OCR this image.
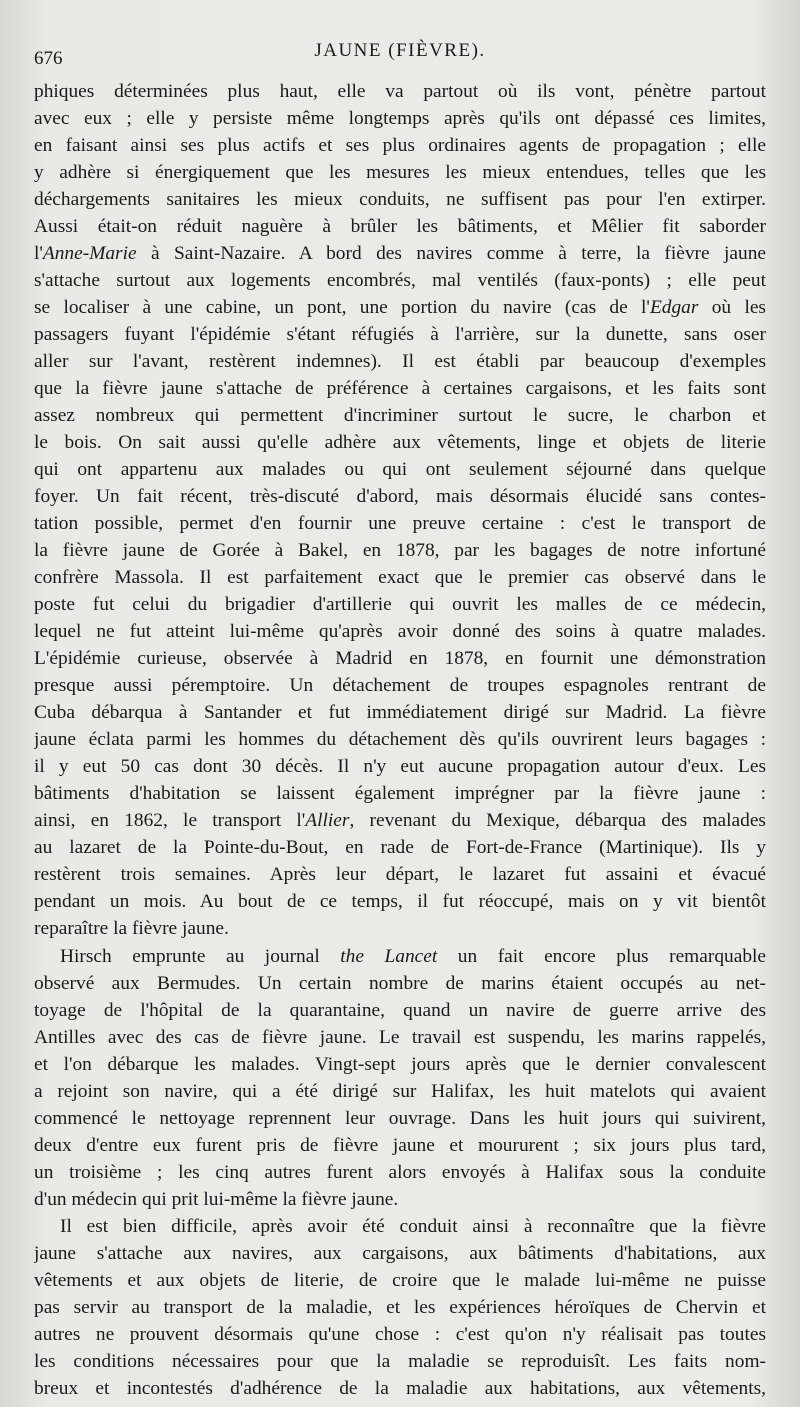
676	JAUNE (FIÈVRE).
phiques déterminées plus haut, elle va partout où ils vont, pénètre partout
avec eux ; elle y persiste même longtemps après qu'ils ont dépassé ces limites,
en faisant ainsi ses plus actifs et ses plus ordinaires agents de propagation ; elle
y adhère si énergiquement que les mesures les mieux entendues, telles que les
déchargements sanitaires les mieux conduits, ne suffisent pas pour l'en extirper.
Aussi était-on réduit naguère à brûler les bâtiments, et Mêlier fit saborder
l'Anne-Marie à Saint-Nazaire. A bord des navires comme à terre, la fièvre jaune
s'attache surtout aux logements encombrés, mal ventilés (faux-ponts) ; elle peut
se localiser à une cabine, un pont, une portion du navire (cas de l'Edgar où les
passagers fuyant l'épidémie s'étant réfugiés à l'arrière, sur la dunette, sans oser
aller sur l'avant, restèrent indemnes). Il est établi par beaucoup d'exemples
que la fièvre jaune s'attache de préférence à certaines cargaisons, et les faits sont
assez nombreux qui permettent d'incriminer surtout le sucre, le charbon et
le bois. On sait aussi qu'elle adhère aux vêtements, linge et objets de literie
qui ont appartenu aux malades ou qui ont seulement séjourné dans quelque
foyer. Un fait récent, très-discuté d'abord, mais désormais élucidé sans contes-
tation possible, permet d'en fournir une preuve certaine : c'est le transport de
la fièvre jaune de Gorée à Bakel, en 1878, par les bagages de notre infortuné
confrère Massola. Il est parfaitement exact que le premier cas observé dans le
poste fut celui du brigadier d'artillerie qui ouvrit les malles de ce médecin,
lequel ne fut atteint lui-même qu'après avoir donné des soins à quatre malades.
L'épidémie curieuse, observée à Madrid en 1878, en fournit une démonstration
presque aussi péremptoire. Un détachement de troupes espagnoles rentrant de
Cuba débarqua à Santander et fut immédiatement dirigé sur Madrid. La fièvre
jaune éclata parmi les hommes du détachement dès qu'ils ouvrirent leurs bagages :
il y eut 50 cas dont 30 décès. Il n'y eut aucune propagation autour d'eux. Les
bâtiments d'habitation se laissent également imprégner par la fièvre jaune :
ainsi, en 1862, le transport l'Allier, revenant du Mexique, débarqua des malades
au lazaret de la Pointe-du-Bout, en rade de Fort-de-France (Martinique). Ils y
restèrent trois semaines. Après leur départ, le lazaret fut assaini et évacué
pendant un mois. Au bout de ce temps, il fut réoccupé, mais on y vit bientôt
reparaître la fièvre jaune.
Hirsch emprunte au journal the Lancet un fait encore plus remarquable
observé aux Bermudes. Un certain nombre de marins étaient occupés au net-
toyage de l'hôpital de la quarantaine, quand un navire de guerre arrive des
Antilles avec des cas de fièvre jaune. Le travail est suspendu, les marins rappelés,
et l'on débarque les malades. Vingt-sept jours après que le dernier convalescent
a rejoint son navire, qui a été dirigé sur Halifax, les huit matelots qui avaient
commencé le nettoyage reprennent leur ouvrage. Dans les huit jours qui suivirent,
deux d'entre eux furent pris de fièvre jaune et moururent ; six jours plus tard,
un troisième ; les cinq autres furent alors envoyés à Halifax sous la conduite
d'un médecin qui prit lui-même la fièvre jaune.
Il est bien difficile, après avoir été conduit ainsi à reconnaître que la fièvre
jaune s'attache aux navires, aux cargaisons, aux bâtiments d'habitations, aux
vêtements et aux objets de literie, de croire que le malade lui-même ne puisse
pas servir au transport de la maladie, et les expériences héroïques de Chervin et
autres ne prouvent désormais qu'une chose : c'est qu'on n'y réalisait pas toutes
les conditions nécessaires pour que la maladie se reproduisît. Les faits nom-
breux et incontestés d'adhérence de la maladie aux habitations, aux vêtements,
